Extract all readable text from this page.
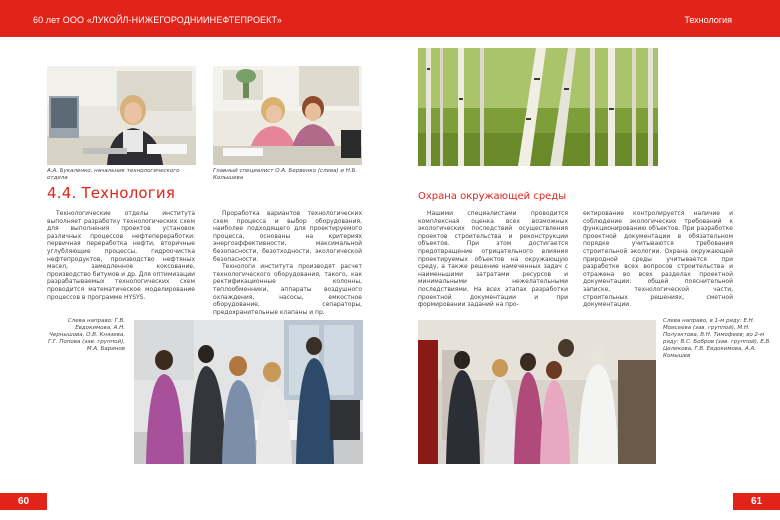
60 лет ООО «ЛУКОЙЛ-НИЖЕГОРОДНИИНЕФТЕПРОЕКТ»	Технология
А.А. Букаленко, начальник технологического отдела
Главный специалист О.А. Бервенко (слева) и Н.Б. Колышева
4.4. Технология	Охрана окружающей среды

Технологические отделы института выполняет разработку технологических схем для выполнения проектов установок различных процессов нефтепереработки: первичная переработка нефти, вторичные углубляющие процессы, гидроочистка нефтепродуктов, производство нефтяных масел, замедленное коксование, производство битумов и др. Для оптимизации разрабатываемых технологических схем проводится математическое моделирование процессов в программе HYSYS.

Проработка вариантов технологических схем процесса и выбор оборудования, наиболее подходящего для проектируемого процесса, основаны на критериях энергоэффективности, максимальной безопасности, безотходности, экологической безопасности.

Технологи института производят расчет технологического оборудования, такого, как ректификационные колонны, теплообменники, аппараты воздушного охлаждения, насосы, емкостное оборудование, сепараторы, предохранительные клапаны и пр.

Нашими специалистами проводится комплексная оценка всех возможных экологических последствий осуществления проектов строительства и реконструкции объектов. При этом достигается предотвращение отрицательного влияния проектируемых объектов на окружающую среду, а также решение намеченных задач с наименьшими затратами ресурсов и минимальными нежелательными последствиями. На всех этапах разработки проектной документации и при формировании заданий на про-

ектирование контролируется наличие и соблюдение экологических требований к функционированию объектов. При разработке проектной документации в обязательном порядке учитываются требования строительной экологии. Охрана окружающей природной среды учитывается при разработке всех вопросов строительства и отражена во всех разделах проектной документации: общей пояснительной записке, технологической части, строительных решениях, сметной документации.

Слева направо: Г.В. Евдокимова, А.Н. Чернышова, О.В. Князева, Г.Г. Попова (зав. группой), М.А. Баринов
Слева направо, в 1-м ряду: Е.Н. Моисеева (зав. группой), М.Н. Полуэктова, В.Н. Тимофеев; во 2-м ряду: В.С. Бобров (зав. группой), Е.В. Целикова, Г.В. Евдокимова, А.А. Комышев
60	61
